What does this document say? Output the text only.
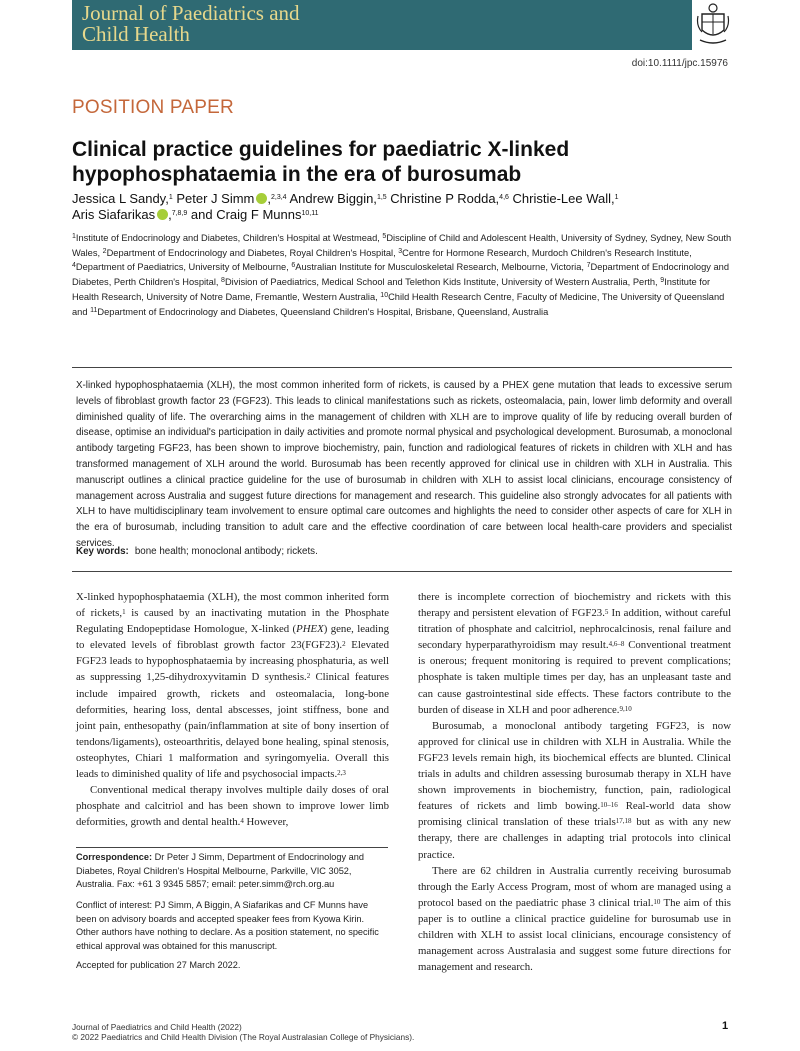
Journal of Paediatrics and
Child Health
doi:10.1111/jpc.15976
POSITION PAPER
Clinical practice guidelines for paediatric X-linked
hypophosphataemia in the era of burosumab
Jessica L Sandy,$^1$ Peter J Simm ,$^{2,3,4}$ Andrew Biggin,$^{1,5}$ Christine P Rodda,$^{4,6}$ Christie-Lee Wall,$^1$
Aris Siafarikas ,$^{7,8,9}$ and Craig F Munns$^{10,11}$
$^1$Institute of Endocrinology and Diabetes, Children's Hospital at Westmead, $^5$Discipline of Child and Adolescent Health, University of Sydney, Sydney, New South Wales, $^2$Department of Endocrinology and Diabetes, Royal Children's Hospital, $^3$Centre for Hormone Research, Murdoch Children's Research Institute, $^4$Department of Paediatrics, University of Melbourne, $^6$Australian Institute for Musculoskeletal Research, Melbourne, Victoria, $^7$Department of Endocrinology and Diabetes, Perth Children's Hospital, $^8$Division of Paediatrics, Medical School and Telethon Kids Institute, University of Western Australia, Perth, $^9$Institute for Health Research, University of Notre Dame, Fremantle, Western Australia, $^{10}$Child Health Research Centre, Faculty of Medicine, The University of Queensland and $^{11}$Department of Endocrinology and Diabetes, Queensland Children's Hospital, Brisbane, Queensland, Australia
X-linked hypophosphataemia (XLH), the most common inherited form of rickets, is caused by a PHEX gene mutation that leads to excessive serum levels of fibroblast growth factor 23 (FGF23). This leads to clinical manifestations such as rickets, osteomalacia, pain, lower limb deformity and overall diminished quality of life. The overarching aims in the management of children with XLH are to improve quality of life by reducing overall burden of disease, optimise an individual's participation in daily activities and promote normal physical and psychological development. Burosumab, a monoclonal antibody targeting FGF23, has been shown to improve biochemistry, pain, function and radiological features of rickets in children with XLH and has transformed management of XLH around the world. Burosumab has been recently approved for clinical use in children with XLH in Australia. This manuscript outlines a clinical practice guideline for the use of burosumab in children with XLH to assist local clinicians, encourage consistency of management across Australia and suggest future directions for management and research. This guideline also strongly advocates for all patients with XLH to have multidisciplinary team involvement to ensure optimal care outcomes and highlights the need to consider other aspects of care for XLH in the era of burosumab, including transition to adult care and the effective coordination of care between local health-care providers and specialist services.
Key words: bone health; monoclonal antibody; rickets.

X-linked hypophosphataemia (XLH), the most common inherited form of rickets,$^1$ is caused by an inactivating mutation in the Phosphate Regulating Endopeptidase Homologue, X-linked (PHEX) gene, leading to elevated levels of fibroblast growth factor 23(FGF23).$^2$ Elevated FGF23 leads to hypophosphataemia by increasing phosphaturia, as well as suppressing 1,25-dihydroxyvitamin D synthesis.$^2$ Clinical features include impaired growth, rickets and osteomalacia, long-bone deformities, hearing loss, dental abscesses, joint stiffness, bone and joint pain, enthesopathy (pain/inflammation at site of bony insertion of tendons/ligaments), osteoarthritis, delayed bone healing, spinal stenosis, osteophytes, Chiari 1 malformation and syringomyelia. Overall this leads to diminished quality of life and psychosocial impacts.$^{2,3}$

Conventional medical therapy involves multiple daily doses of oral phosphate and calcitriol and has been shown to improve lower limb deformities, growth and dental health.$^4$ However,

there is incomplete correction of biochemistry and rickets with this therapy and persistent elevation of FGF23.$^5$ In addition, without careful titration of phosphate and calcitriol, nephrocalcinosis, renal failure and secondary hyperparathyroidism may result.$^{4,6-8}$ Conventional treatment is onerous; frequent monitoring is required to prevent complications; phosphate is taken multiple times per day, has an unpleasant taste and can cause gastrointestinal side effects. These factors contribute to the burden of disease in XLH and poor adherence.$^{9,10}$

Burosumab, a monoclonal antibody targeting FGF23, is now approved for clinical use in children with XLH in Australia. While the FGF23 levels remain high, its biochemical effects are blunted. Clinical trials in adults and children assessing burosumab therapy in XLH have shown improvements in biochemistry, function, pain, radiological features of rickets and limb bowing.$^{10-16}$ Real-world data show promising clinical translation of these trials$^{17,18}$ but as with any new therapy, there are challenges in adapting trial protocols into clinical practice.

There are 62 children in Australia currently receiving burosumab through the Early Access Program, most of whom are managed using a protocol based on the paediatric phase 3 clinical trial.$^{10}$ The aim of this paper is to outline a clinical practice guideline for burosumab use in children with XLH to assist local clinicians, encourage consistency of management across Australasia and suggest some future directions for management and research.

Correspondence: Dr Peter J Simm, Department of Endocrinology and Diabetes, Royal Children's Hospital Melbourne, Parkville, VIC 3052, Australia. Fax: +61 3 9345 5857; email: peter.simm@rch.org.au
Conflict of interest: PJ Simm, A Biggin, A Siafarikas and CF Munns have been on advisory boards and accepted speaker fees from Kyowa Kirin. Other authors have nothing to declare. As a position statement, no specific ethical approval was obtained for this manuscript.
Accepted for publication 27 March 2022.
Journal of Paediatrics and Child Health (2022)
© 2022 Paediatrics and Child Health Division (The Royal Australasian College of Physicians).
1
